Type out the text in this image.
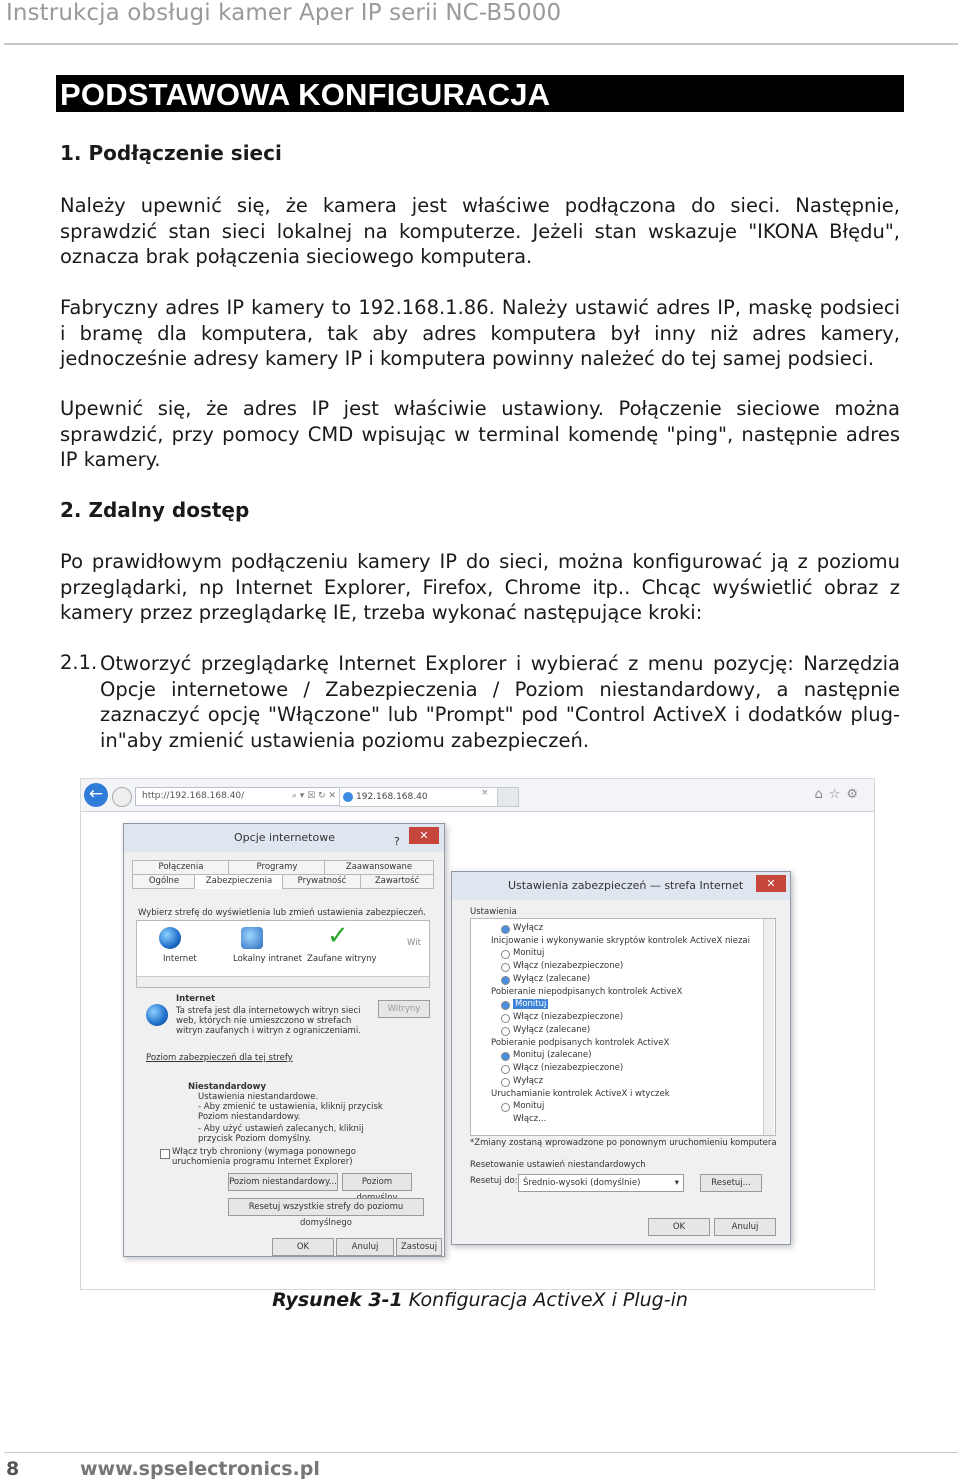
Instrukcja obsługi kamer Aper IP serii NC-B5000
PODSTAWOWA KONFIGURACJA
1. Podłączenie sieci

Należy upewnić się, że kamera jest właściwe podłączona do sieci. Następnie, sprawdzić stan sieci lokalnej na komputerze. Jeżeli stan wskazuje "IKONA Błędu", oznacza brak połączenia sieciowego komputera.

Fabryczny adres IP kamery to 192.168.1.86. Należy ustawić adres IP, maskę podsieci i bramę dla komputera, tak aby adres komputera był inny niż adres kamery, jednocześnie adresy kamery IP i komputera powinny należeć do tej samej podsieci.

Upewnić się, że adres IP jest właściwie ustawiony. Połączenie sieciowe można sprawdzić, przy pomocy CMD wpisując w terminal komendę "ping", następnie adres IP kamery.

2. Zdalny dostęp

Po prawidłowym podłączeniu kamery IP do sieci, można konfigurować ją z poziomu przeglądarki, np Internet Explorer, Firefox, Chrome itp.. Chcąc wyświetlić obraz z kamery przez przeglądarkę IE, trzeba wykonać następujące kroki:

2.1. Otworzyć przeglądarkę Internet Explorer i wybierać z menu pozycję: Narzędzia Opcje internetowe / Zabezpieczenia / Poziom niestandardowy, a następnie zaznaczyć opcję "Włączone" lub "Prompt" pod "Control ActiveX i dodatków plug-in"aby zmienić ustawienia poziomu zabezpieczeń.
←	http://192.168.168.40/	⌕ ▾ ☒ ↻ ✕	192.168.168.40	×	⌂☆⚙
Opcje internetowe	?	✕
Połączenia	Programy	Zaawansowane
Ogólne	Zabezpieczenia	Prywatność	Zawartość
Wybierz strefę do wyświetlenia lub zmień ustawienia zabezpieczeń.
Internet	Lokalny intranet
✓
Zaufane witryny
Wit
Internet
Ta strefa jest dla internetowych witryn sieci web, których nie umieszczono w strefach witryn zaufanych i witryn z ograniczeniami.
Witryny
Poziom zabezpieczeń dla tej strefy
Niestandardowy
Ustawienia niestandardowe.
- Aby zmienić te ustawienia, kliknij przycisk Poziom niestandardowy.
- Aby użyć ustawień zalecanych, kliknij przycisk Poziom domyślny.
Włącz tryb chroniony (wymaga ponownego uruchomienia programu Internet Explorer)
Poziom niestandardowy...	Poziom
Resetuj wszystkie strefy do poziomu domyślnego
OK	Anuluj	Zastosuj
Ustawienia zabezpieczeń — strefa Internet	✕
Ustawienia
Wyłącz
Inicjowanie i wykonywanie skryptów kontrolek ActiveX niezai
Monituj
Włącz (niezabezpieczone)
Wyłącz (zalecane)
Pobieranie niepodpisanych kontrolek ActiveX
Monituj
Włącz (niezabezpieczone)
Wyłącz (zalecane)
Pobieranie podpisanych kontrolek ActiveX
Monituj (zalecane)
Włącz (niezabezpieczone)
Wyłącz
Uruchamianie kontrolek ActiveX i wtyczek
Monituj
Włącz...
*Zmiany zostaną wprowadzone po ponownym uruchomieniu komputera
Resetowanie ustawień niestandardowych
Resetuj do: Średnio-wysoki (domyślnie)	▾	Resetuj...
OK	Anuluj
Rysunek 3-1 Konfiguracja ActiveX i Plug-in
8	www.spselectronics.pl
